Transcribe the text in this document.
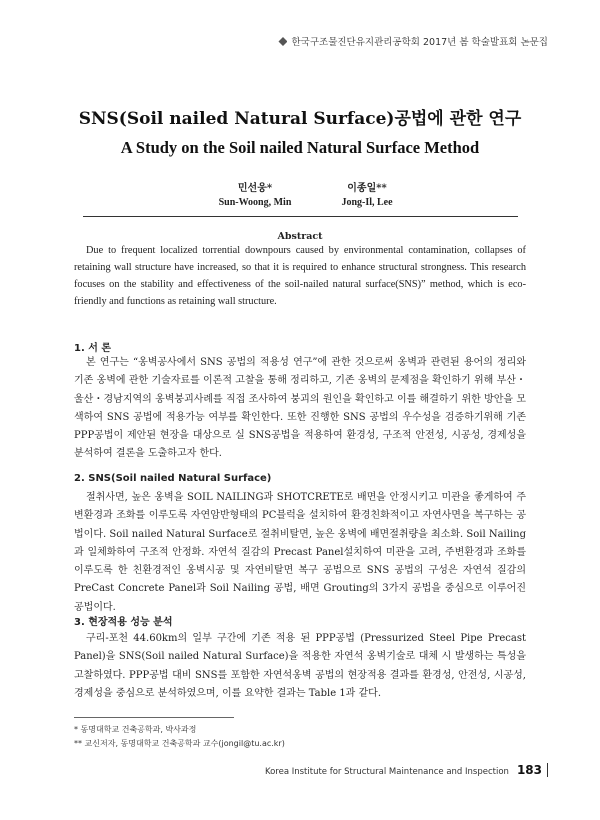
한국구조물진단유지관리공학회 2017년 봄 학술발표회 논문집
SNS(Soil nailed Natural Surface)공법에 관한 연구
A Study on the Soil nailed Natural Surface Method
민선웅*	이종일**
Sun-Woong, Min	Jong-Il, Lee
Abstract

Due to frequent localized torrential downpours caused by environmental contamination, collapses of retaining wall structure have increased, so that it is required to enhance structural strongness. This research focuses on the stability and effectiveness of the soil-nailed natural surface(SNS)” method, which is eco-friendly and functions as retaining wall structure.

1. 서 론

본 연구는 “옹벽공사에서 SNS 공법의 적용성 연구”에 관한 것으로써 옹벽과 관련된 용어의 정리와 기존 옹벽에 관한 기술자료를 이론적 고찰을 통해 정리하고, 기존 옹벽의 문제점을 확인하기 위해 부산・울산・경남지역의 옹벽붕괴사례를 직접 조사하여 붕괴의 원인을 확인하고 이를 해결하기 위한 방안을 모색하여 SNS 공법에 적용가능 여부를 확인한다. 또한 진행한 SNS 공법의 우수성을 검증하기위해 기존 PPP공법이 제안된 현장을 대상으로 실 SNS공법을 적용하여 환경성, 구조적 안전성, 시공성, 경제성을 분석하여 결론을 도출하고자 한다.

2. SNS(Soil nailed Natural Surface)

절취사면, 높은 옹벽을 SOIL NAILING과 SHOTCRETE로 배면을 안정시키고 미관을 좋게하여 주변환경과 조화를 이루도록 자연암반형태의 PC블럭을 설치하여 환경친화적이고 자연사면을 복구하는 공법이다. Soil nailed Natural Surface로 절취비탈면, 높은 옹벽에 배면절취량을 최소화. Soil Nailing 과 일체화하여 구조적 안정화. 자연석 질감의 Precast Panel설치하여 미관을 고려, 주변환경과 조화를 이루도록 한 친환경적인 옹벽시공 및 자연비탈면 복구 공법으로 SNS 공법의 구성은 자연석 질감의 PreCast Concrete Panel과 Soil Nailing 공법, 배면 Grouting의 3가지 공법을 중심으로 이루어진 공법이다.

3. 현장적용 성능 분석

구리-포천 44.60km의 일부 구간에 기존 적용 된 PPP공법 (Pressurized Steel Pipe Precast Panel)을 SNS(Soil nailed Natural Surface)을 적용한 자연석 옹벽기술로 대체 시 발생하는 특성을 고찰하였다. PPP공법 대비 SNS를 포함한 자연석옹벽 공법의 현장적용 결과를 환경성, 안전성, 시공성, 경제성을 중심으로 분석하였으며, 이를 요약한 결과는 Table 1과 같다.

* 동명대학교 건축공학과, 박사과정
** 교신저자, 동명대학교 건축공학과 교수(jongil@tu.ac.kr)
Korea Institute for Structural Maintenance and Inspection 183
